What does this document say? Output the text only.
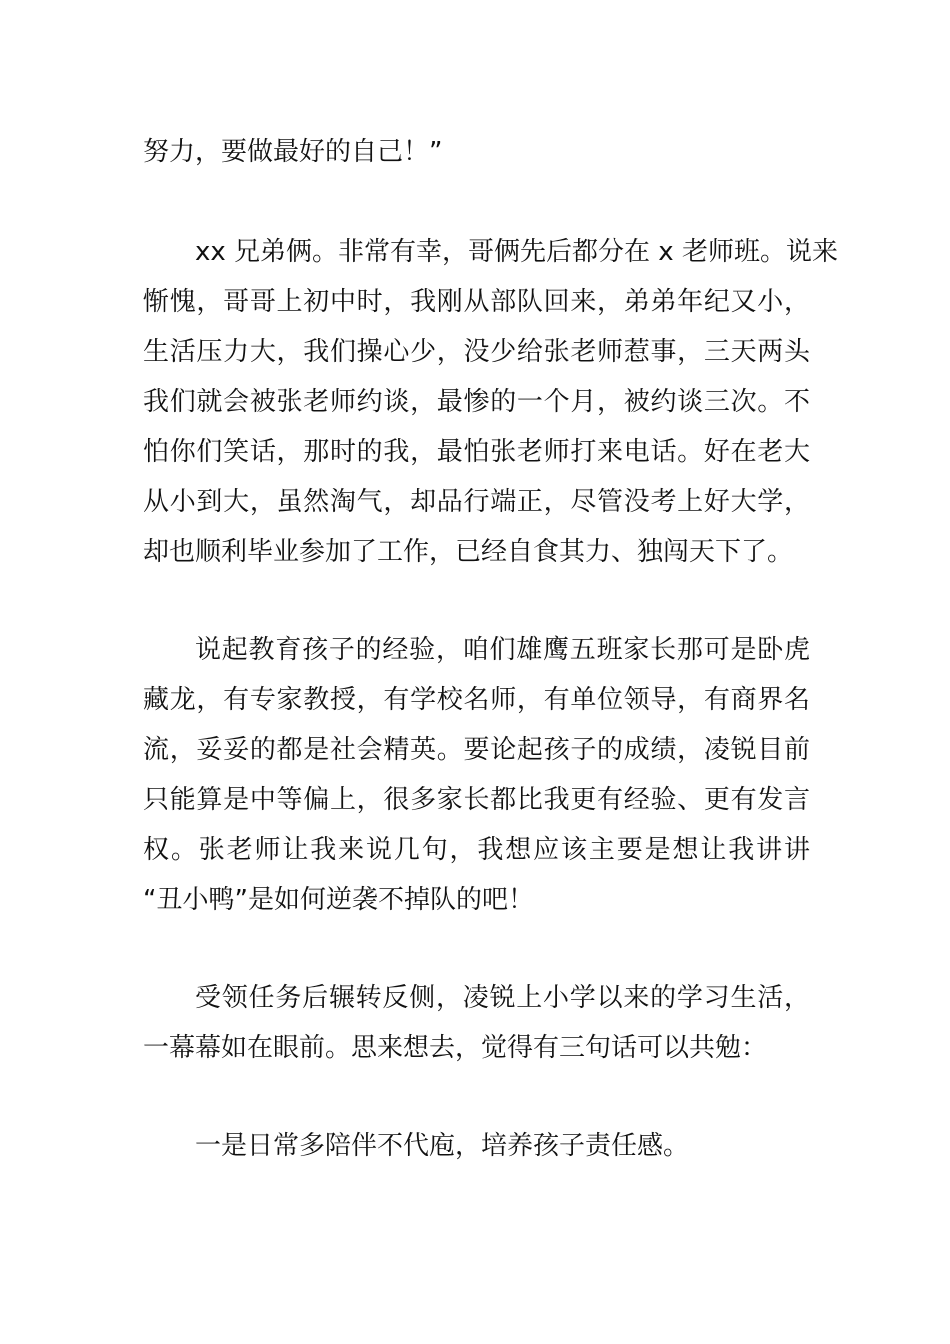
努力，要做最好的自己！”
xx 兄弟俩。非常有幸，哥俩先后都分在 x 老师班。说来
惭愧，哥哥上初中时，我刚从部队回来，弟弟年纪又小，
生活压力大，我们操心少，没少给张老师惹事，三天两头
我们就会被张老师约谈，最惨的一个月，被约谈三次。不
怕你们笑话，那时的我，最怕张老师打来电话。好在老大
从小到大，虽然淘气，却品行端正，尽管没考上好大学，
却也顺利毕业参加了工作，已经自食其力、独闯天下了。
说起教育孩子的经验，咱们雄鹰五班家长那可是卧虎
藏龙，有专家教授，有学校名师，有单位领导，有商界名
流，妥妥的都是社会精英。要论起孩子的成绩，凌锐目前
只能算是中等偏上，很多家长都比我更有经验、更有发言
权。张老师让我来说几句，我想应该主要是想让我讲讲
“丑小鸭”是如何逆袭不掉队的吧！
受领任务后辗转反侧，凌锐上小学以来的学习生活，
一幕幕如在眼前。思来想去，觉得有三句话可以共勉：
一是日常多陪伴不代庖，培养孩子责任感。
